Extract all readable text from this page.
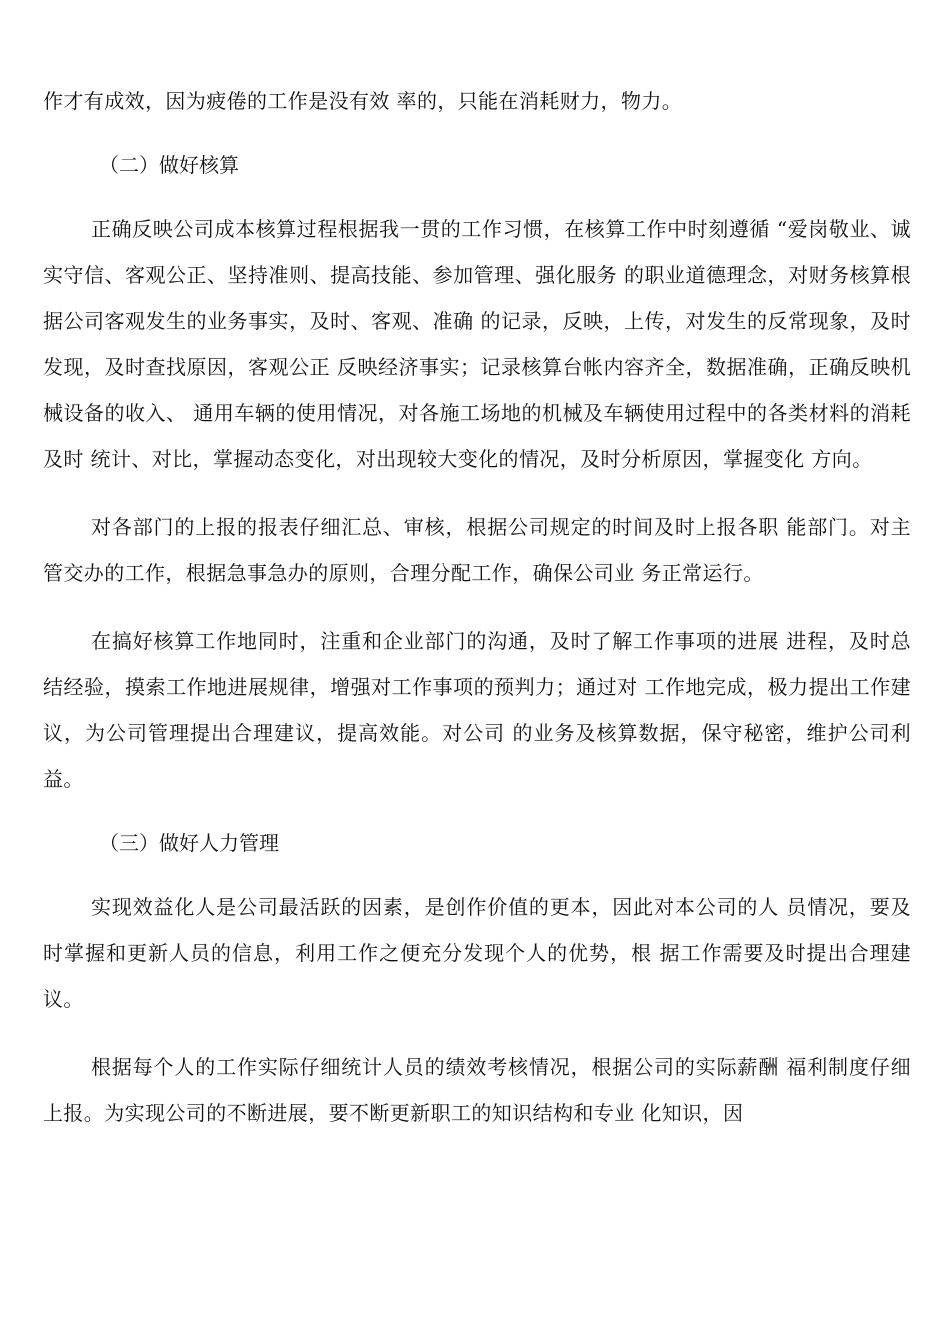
作才有成效，因为疲倦的工作是没有效 率的，只能在消耗财力，物力。

（二）做好核算

正确反映公司成本核算过程根据我一贯的工作习惯，在核算工作中时刻遵循 “爱岗敬业、诚实守信、客观公正、坚持准则、提高技能、参加管理、强化服务 的职业道德理念，对财务核算根据公司客观发生的业务事实，及时、客观、准确 的记录，反映，上传，对发生的反常现象，及时发现，及时查找原因，客观公正 反映经济事实；记录核算台帐内容齐全，数据准确，正确反映机械设备的收入、 通用车辆的使用情况，对各施工场地的机械及车辆使用过程中的各类材料的消耗及时 统计、对比，掌握动态变化，对出现较大变化的情况，及时分析原因，掌握变化 方向。

对各部门的上报的报表仔细汇总、审核，根据公司规定的时间及时上报各职 能部门。对主管交办的工作，根据急事急办的原则，合理分配工作，确保公司业 务正常运行。

在搞好核算工作地同时，注重和企业部门的沟通，及时了解工作事项的进展 进程，及时总结经验，摸索工作地进展规律，增强对工作事项的预判力；通过对 工作地完成，极力提出工作建议，为公司管理提出合理建议，提高效能。对公司 的业务及核算数据，保守秘密，维护公司利益。

（三）做好人力管理

实现效益化人是公司最活跃的因素，是创作价值的更本，因此对本公司的人 员情况，要及时掌握和更新人员的信息，利用工作之便充分发现个人的优势，根 据工作需要及时提出合理建议。

根据每个人的工作实际仔细统计人员的绩效考核情况，根据公司的实际薪酬 福利制度仔细上报。为实现公司的不断进展，要不断更新职工的知识结构和专业 化知识，因
